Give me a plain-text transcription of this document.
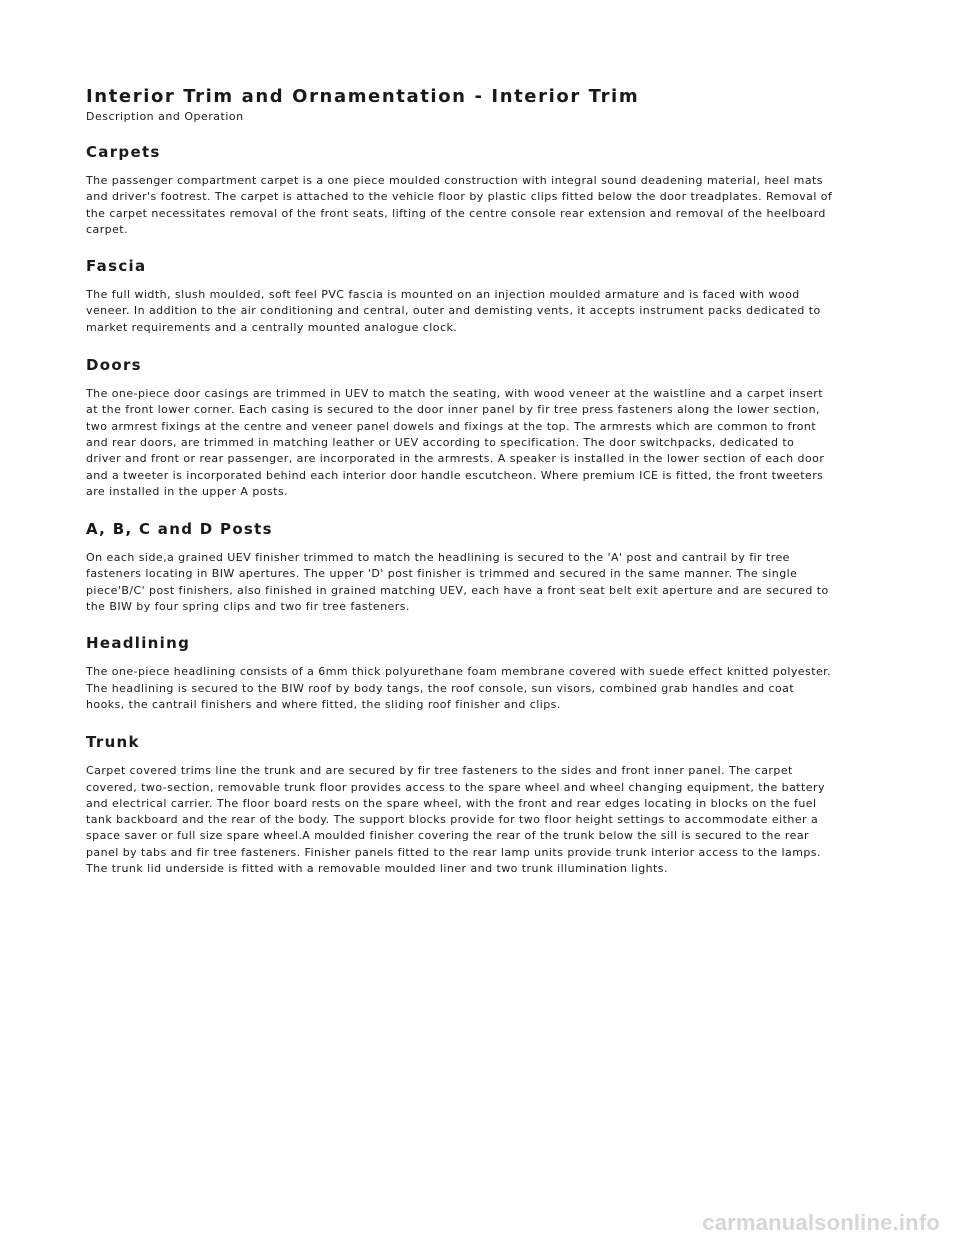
Interior Trim and Ornamentation - Interior Trim

Description and Operation

Carpets

The passenger compartment carpet is a one piece moulded construction with integral sound deadening material, heel mats
and driver's footrest. The carpet is attached to the vehicle floor by plastic clips fitted below the door treadplates. Removal of
the carpet necessitates removal of the front seats, lifting of the centre console rear extension and removal of the heelboard
carpet.

Fascia

The full width, slush moulded, soft feel PVC fascia is mounted on an injection moulded armature and is faced with wood
veneer. In addition to the air conditioning and central, outer and demisting vents, it accepts instrument packs dedicated to
market requirements and a centrally mounted analogue clock.

Doors

The one-piece door casings are trimmed in UEV to match the seating, with wood veneer at the waistline and a carpet insert
at the front lower corner. Each casing is secured to the door inner panel by fir tree press fasteners along the lower section,
two armrest fixings at the centre and veneer panel dowels and fixings at the top. The armrests which are common to front
and rear doors, are trimmed in matching leather or UEV according to specification. The door switchpacks, dedicated to
driver and front or rear passenger, are incorporated in the armrests. A speaker is installed in the lower section of each door
and a tweeter is incorporated behind each interior door handle escutcheon. Where premium ICE is fitted, the front tweeters
are installed in the upper A posts.

A, B, C and D Posts

On each side,a grained UEV finisher trimmed to match the headlining is secured to the 'A' post and cantrail by fir tree
fasteners locating in BIW apertures. The upper 'D' post finisher is trimmed and secured in the same manner. The single
piece'B/C' post finishers, also finished in grained matching UEV, each have a front seat belt exit aperture and are secured to
the BIW by four spring clips and two fir tree fasteners.

Headlining

The one-piece headlining consists of a 6mm thick polyurethane foam membrane covered with suede effect knitted polyester.
The headlining is secured to the BIW roof by body tangs, the roof console, sun visors, combined grab handles and coat
hooks, the cantrail finishers and where fitted, the sliding roof finisher and clips.

Trunk

Carpet covered trims line the trunk and are secured by fir tree fasteners to the sides and front inner panel. The carpet
covered, two-section, removable trunk floor provides access to the spare wheel and wheel changing equipment, the battery
and electrical carrier. The floor board rests on the spare wheel, with the front and rear edges locating in blocks on the fuel
tank backboard and the rear of the body. The support blocks provide for two floor height settings to accommodate either a
space saver or full size spare wheel.A moulded finisher covering the rear of the trunk below the sill is secured to the rear
panel by tabs and fir tree fasteners. Finisher panels fitted to the rear lamp units provide trunk interior access to the lamps.
The trunk lid underside is fitted with a removable moulded liner and two trunk illumination lights.

carmanualsonline.info
